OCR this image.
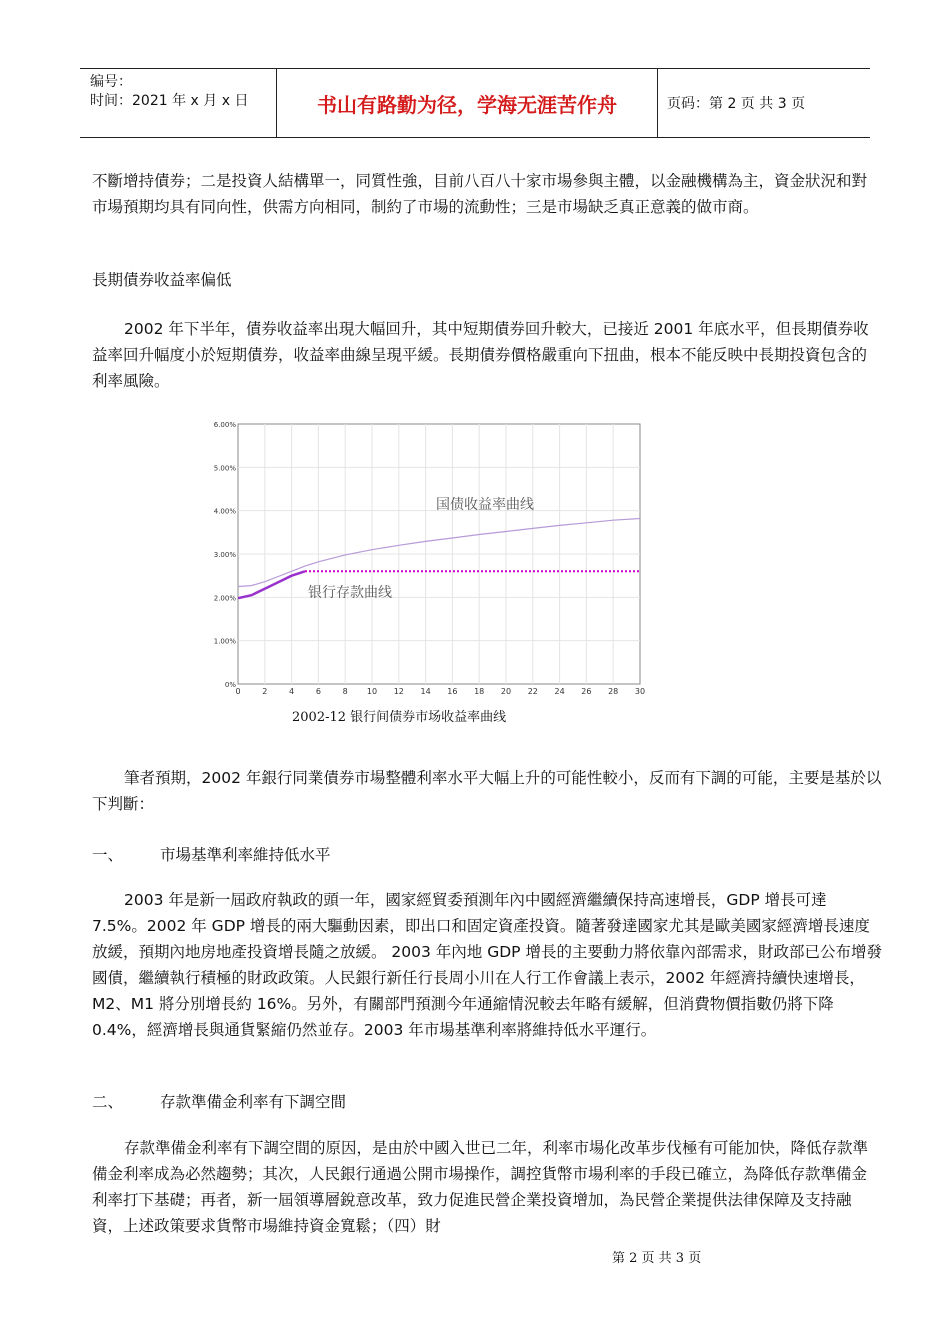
编号：
时间：2021 年 x 月 x 日	书山有路勤为径，学海无涯苦作舟	页码：第 2 页 共 3 页

不斷增持債券；二是投資人結構單一，同質性強，目前八百八十家市場參與主體，以金融機構為主，資金狀況和對市場預期均具有同向性，供需方向相同，制約了市場的流動性；三是市場缺乏真正意義的做市商。

長期債券收益率偏低

2002 年下半年，債券收益率出現大幅回升，其中短期債券回升較大，已接近 2001 年底水平，但長期債券收益率回升幅度小於短期債券，收益率曲線呈現平緩。長期債券價格嚴重向下扭曲，根本不能反映中長期投資包含的利率風險。

0	2	4	6	8 10 12 14 16 18 20 22 24 26 28 30
0%
1.00%
2.00%
3.00%
4.00%
5.00%
6.00%
国债收益率曲线
银行存款曲线
2002-12 银行间债券市场收益率曲线

筆者預期，2002 年銀行同業債券市場整體利率水平大幅上升的可能性較小，反而有下調的可能，主要是基於以下判斷：

一、 市場基準利率維持低水平

2003 年是新一屆政府執政的頭一年，國家經貿委預測年內中國經濟繼續保持高速增長，GDP 增長可達 7.5%。2002 年 GDP 增長的兩大驅動因素，即出口和固定資產投資。隨著發達國家尤其是歐美國家經濟增長速度放緩，預期內地房地產投資增長隨之放緩。 2003 年內地 GDP 增長的主要動力將依靠內部需求，財政部已公布增發國債，繼續執行積極的財政政策。人民銀行新任行長周小川在人行工作會議上表示，2002 年經濟持續快速增長，M2、M1 將分別增長約 16%。另外，有關部門預測今年通縮情況較去年略有緩解，但消費物價指數仍將下降 0.4%，經濟增長與通貨緊縮仍然並存。2003 年市場基準利率將維持低水平運行。

二、 存款準備金利率有下調空間

存款準備金利率有下調空間的原因，是由於中國入世已二年，利率市場化改革步伐極有可能加快，降低存款準備金利率成為必然趨勢；其次，人民銀行通過公開市場操作，調控貨幣市場利率的手段已確立，為降低存款準備金利率打下基礎；再者，新一屆領導層銳意改革，致力促進民營企業投資增加，為民營企業提供法律保障及支持融資，上述政策要求貨幣市場維持資金寬鬆；（四）財

第 2 页 共 3 页
